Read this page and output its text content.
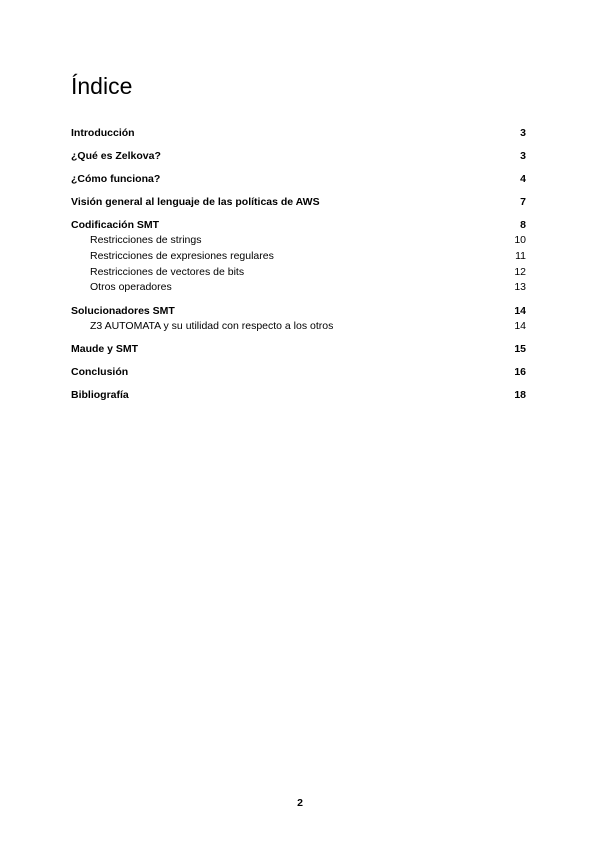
Índice
Introducción	3
¿Qué es Zelkova?	3
¿Cómo funciona?	4
Visión general al lenguaje de las políticas de AWS	7
Codificación SMT	8
Restricciones de strings	10
Restricciones de expresiones regulares	11
Restricciones de vectores de bits	12
Otros operadores	13
Solucionadores SMT	14
Z3 AUTOMATA y su utilidad con respecto a los otros	14
Maude y SMT	15
Conclusión	16
Bibliografía	18
2
